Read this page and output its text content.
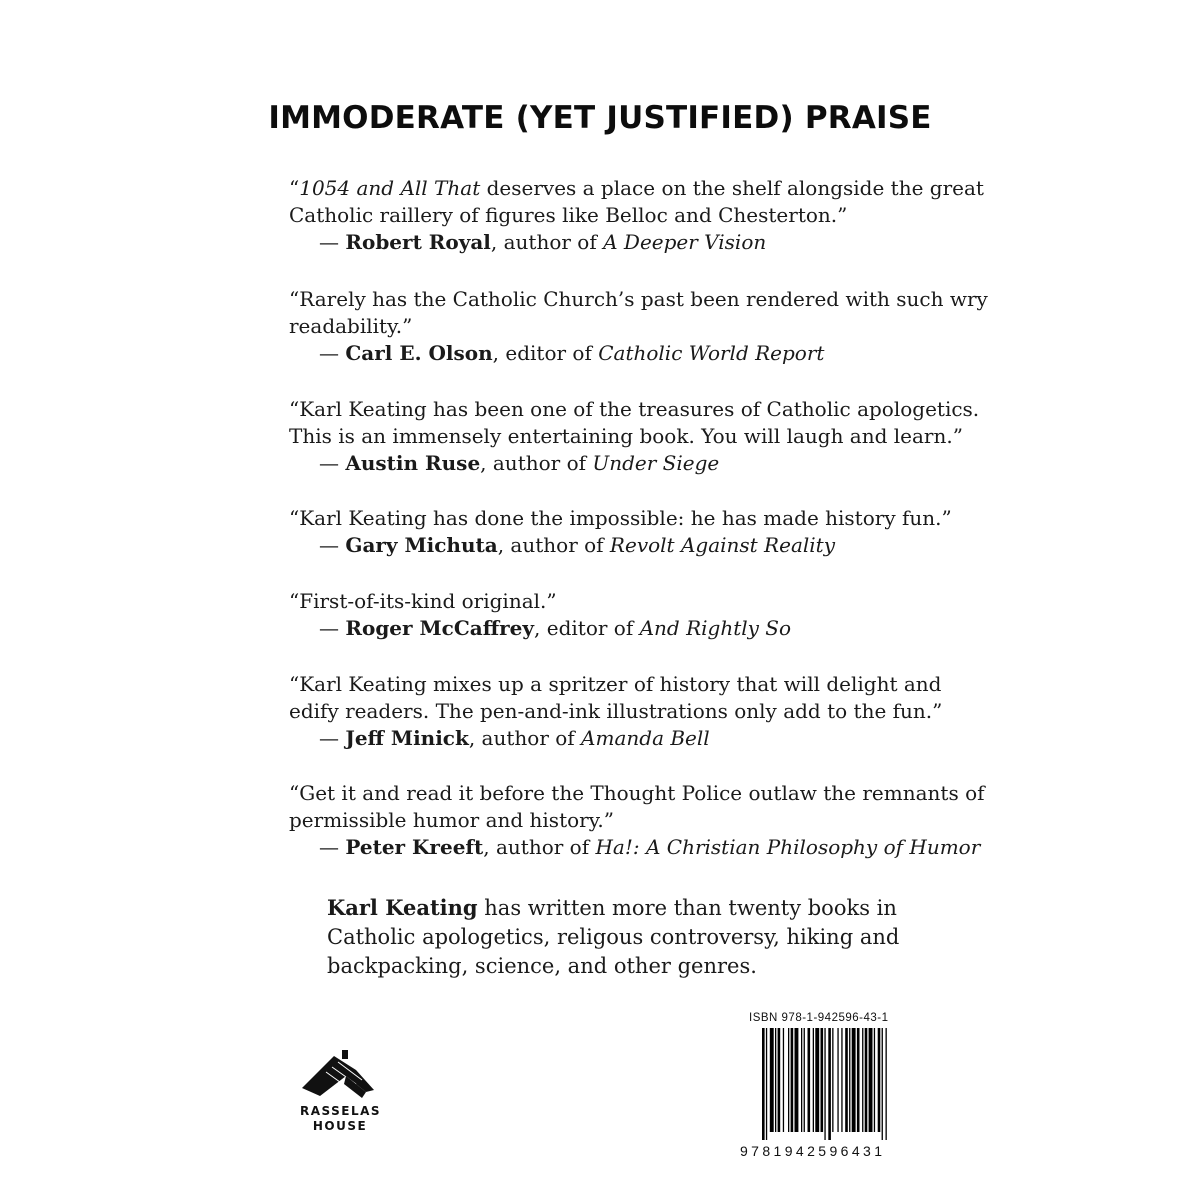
IMMODERATE (YET JUSTIFIED) PRAISE
“1054 and All That deserves a place on the shelf alongside the great
Catholic raillery of figures like Belloc and Chesterton.”
— Robert Royal, author of A Deeper Vision
“Rarely has the Catholic Church’s past been rendered with such wry
readability.”
— Carl E. Olson, editor of Catholic World Report
“Karl Keating has been one of the treasures of Catholic apologetics.
This is an immensely entertaining book. You will laugh and learn.”
— Austin Ruse, author of Under Siege
“Karl Keating has done the impossible: he has made history fun.”
— Gary Michuta, author of Revolt Against Reality
“First-of-its-kind original.”
— Roger McCaffrey, editor of And Rightly So
“Karl Keating mixes up a spritzer of history that will delight and
edify readers. The pen-and-ink illustrations only add to the fun.”
— Jeff Minick, author of Amanda Bell
“Get it and read it before the Thought Police outlaw the remnants of
permissible humor and history.”
— Peter Kreeft, author of Ha!: A Christian Philosophy of Humor
Karl Keating has written more than twenty books in Catholic apologetics, religous controversy, hiking and backpacking, science, and other genres.
RASSELAS
HOUSE
ISBN 978-1-942596-43-1
9781942596431
